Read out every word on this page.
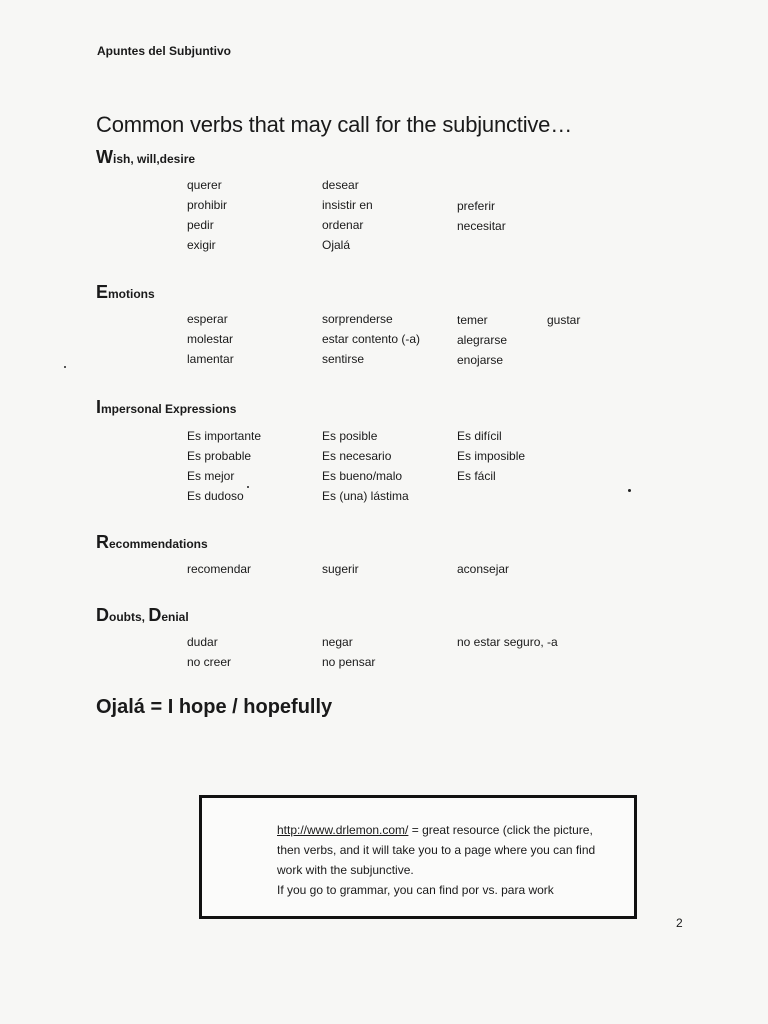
Apuntes del Subjuntivo
Common verbs that may call for the subjunctive…
Wish, will,desire
querer	desear
prohibir	insistir en	preferir
pedir	ordenar	necesitar
exigir	Ojalá
Emotions
esperar	sorprenderse	temer	gustar
molestar	estar contento (-a)	alegrarse
lamentar	sentirse	enojarse
Impersonal Expressions
Es importante	Es posible	Es difícil
Es probable	Es necesario	Es imposible
Es mejor	Es bueno/malo	Es fácil
Es dudoso	Es (una) lástima
Recommendations
recomendar	sugerir	aconsejar
Doubts, Denial
dudar	negar	no estar seguro, -a
no creer	no pensar
Ojalá = I hope / hopefully
http://www.drlemon.com/ = great resource (click the picture,
then verbs, and it will take you to a page where you can find
work with the subjunctive.
If you go to grammar, you can find por vs. para work
2
